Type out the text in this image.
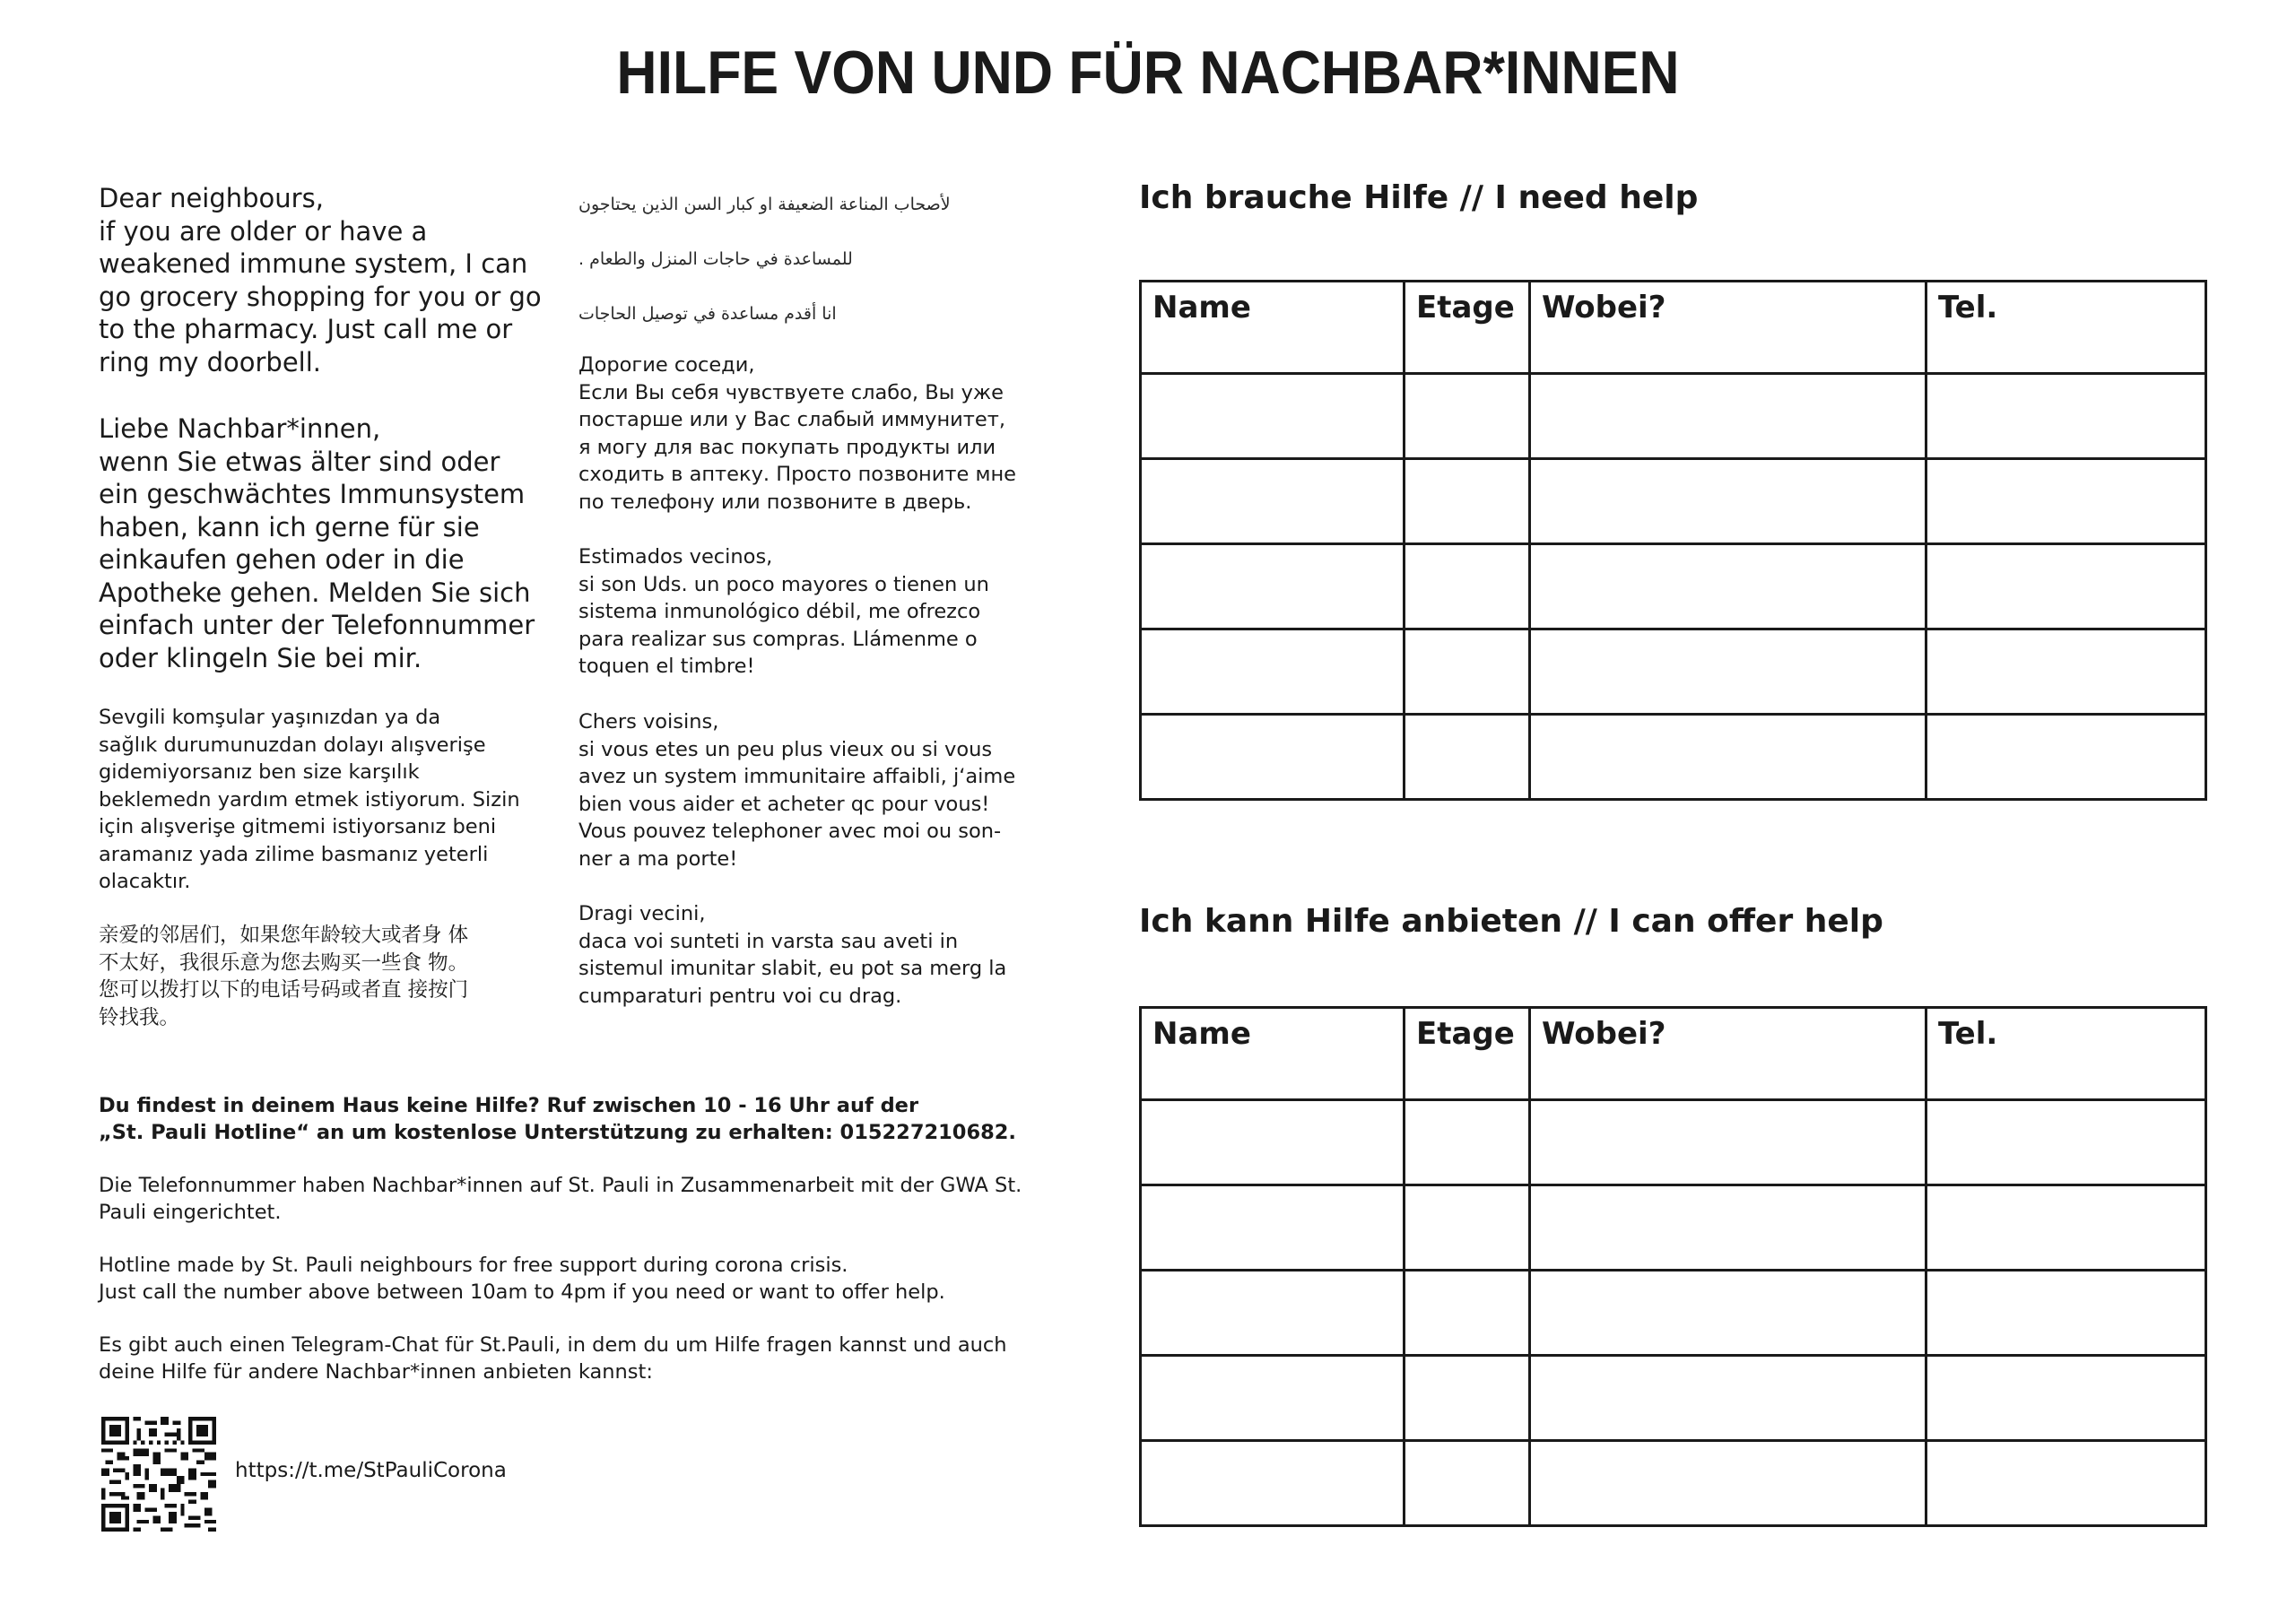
HILFE VON UND FÜR NACHBAR*INNEN

Dear neighbours,
if you are older or have a
weakened immune system, I can
go grocery shopping for you or go
to the pharmacy. Just call me or
ring my doorbell.

Liebe Nachbar*innen,
wenn Sie etwas älter sind oder
ein geschwächtes Immunsystem
haben, kann ich gerne für sie
einkaufen gehen oder in die
Apotheke gehen. Melden Sie sich
einfach unter der Telefonnummer
oder klingeln Sie bei mir.

Sevgili komşular yaşınızdan ya da
sağlık durumunuzdan dolayı alışverişe
gidemiyorsanız ben size karşılık
beklemedn yardım etmek istiyorum. Sizin
için alışverişe gitmemi istiyorsanız beni
aramanız yada zilime basmanız yeterli
olacaktır.

亲爱的邻居们，如果您年龄较大或者身 体
不太好，我很乐意为您去购买一些食 物。
您可以拨打以下的电话号码或者直 接按门
铃找我。

لأصحاب المناعة الضعيفة او كبار السن الذين يحتاجون

للمساعدة في حاجات المنزل والطعام .

انا أقدم مساعدة في توصيل الحاجات

Дорогие соседи,
Если Вы себя чувствуете слабо, Вы уже
постарше или у Вас слабый иммунитет,
я могу для вас покупать продукты или
сходить в аптеку. Просто позвоните мне
по телефону или позвоните в дверь.

Estimados vecinos,
si son Uds. un poco mayores o tienen un
sistema inmunológico débil, me ofrezco
para realizar sus compras. Llámenme o
toquen el timbre!

Chers voisins,
si vous etes un peu plus vieux ou si vous
avez un system immunitaire affaibli, j‘aime
bien vous aider et acheter qc pour vous!
Vous pouvez telephoner avec moi ou son-
ner a ma porte!

Dragi vecini,
daca voi sunteti in varsta sau aveti in
sistemul imunitar slabit, eu pot sa merg la
cumparaturi pentru voi cu drag.

Du findest in deinem Haus keine Hilfe? Ruf zwischen 10 - 16 Uhr auf der
„St. Pauli Hotline“ an um kostenlose Unterstützung zu erhalten: 015227210682.

Die Telefonnummer haben Nachbar*innen auf St. Pauli in Zusammenarbeit mit der GWA St.
Pauli eingerichtet.

Hotline made by St. Pauli neighbours for free support during corona crisis.
Just call the number above between 10am to 4pm if you need or want to offer help.

Es gibt auch einen Telegram-Chat für St.Pauli, in dem du um Hilfe fragen kannst und auch
deine Hilfe für andere Nachbar*innen anbieten kannst:

https://t.me/StPauliCorona

Ich brauche Hilfe // I need help
Name	Etage	Wobei?	Tel.

Ich kann Hilfe anbieten // I can offer help
Name	Etage	Wobei?	Tel.
